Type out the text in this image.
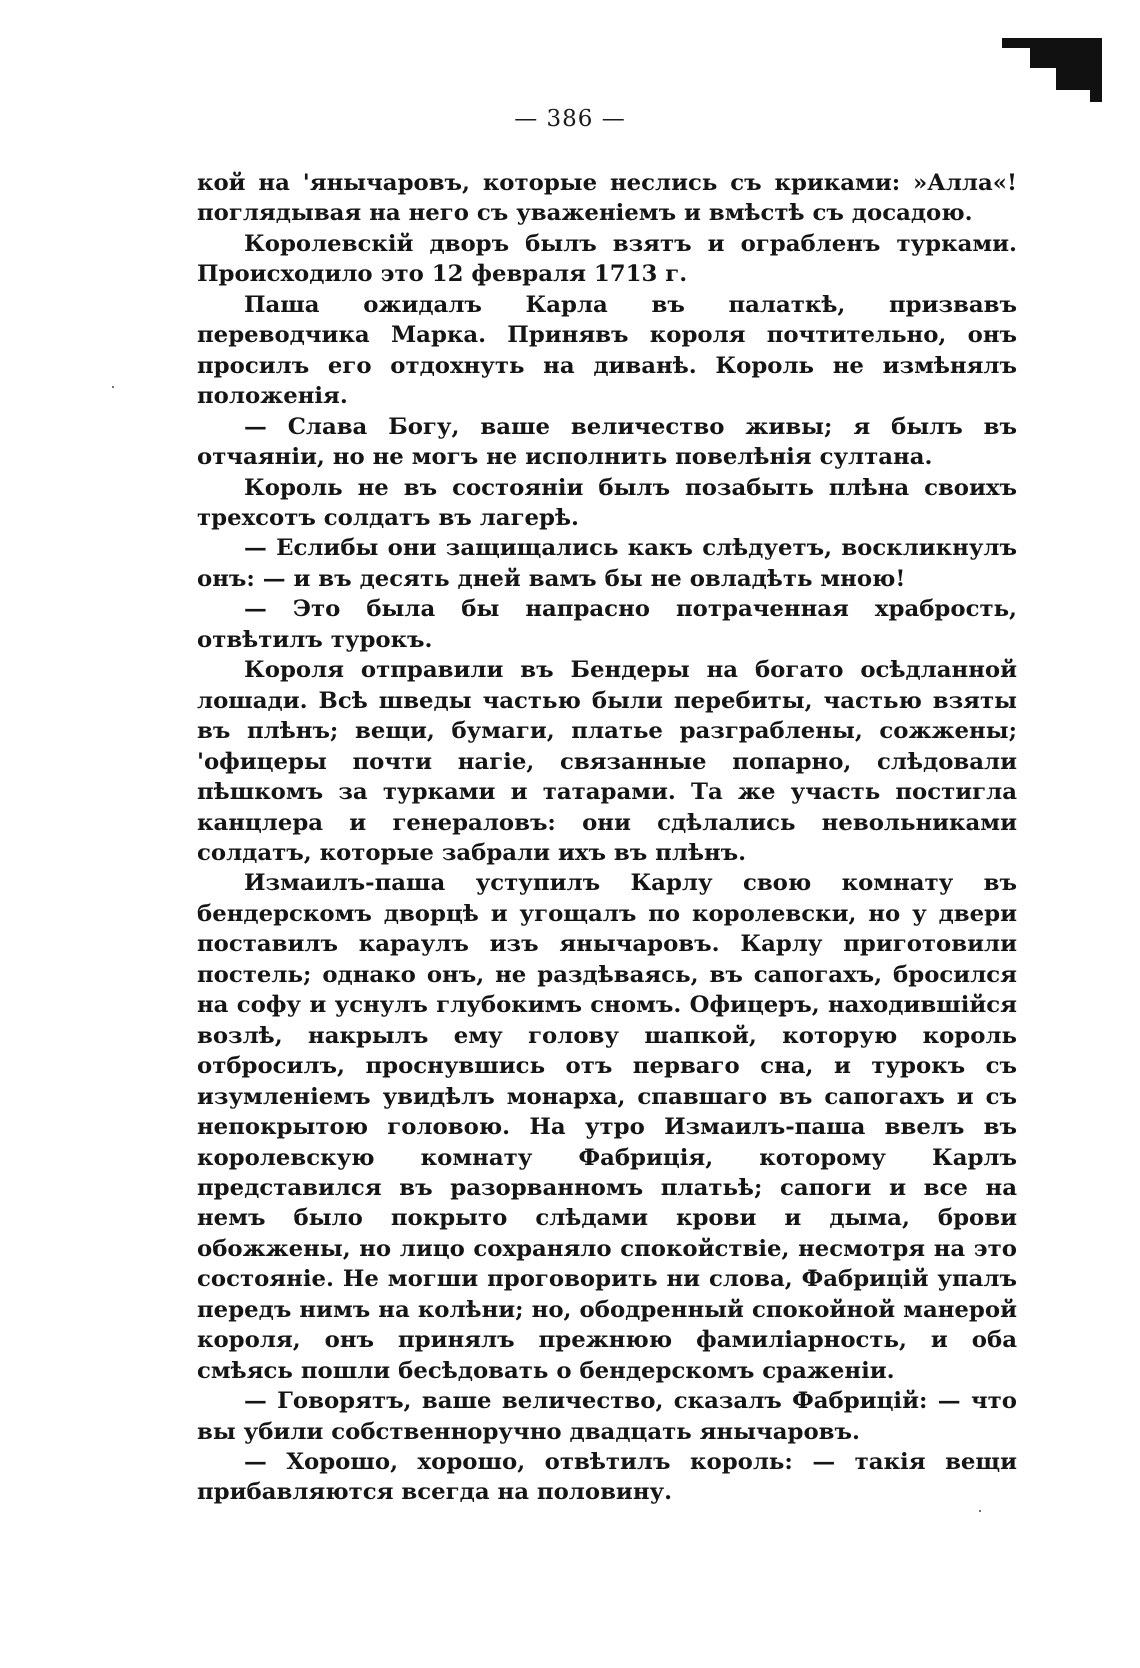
— 386 —

кой на 'янычаровъ, которые неслись съ криками: »Алла«! поглядывая на него съ уваженіемъ и вмѣстѣ съ досадою.

Королевскій дворъ былъ взятъ и ограбленъ турками. Происходило это 12 февраля 1713 г.

Паша ожидалъ Карла въ палаткѣ, призвавъ переводчика Марка. Принявъ короля почтительно, онъ просилъ его отдохнуть на диванѣ. Король не измѣнялъ положенія.

— Слава Богу, ваше величество живы; я былъ въ отчаяніи, но не могъ не исполнить повелѣнія султана.

Король не въ состояніи былъ позабыть плѣна своихъ трехсотъ солдатъ въ лагерѣ.

— Еслибы они защищались какъ слѣдуетъ, воскликнулъ онъ: — и въ десять дней вамъ бы не овладѣть мною!

— Это была бы напрасно потраченная храбрость, отвѣтилъ турокъ.

Короля отправили въ Бендеры на богато осѣдланной лошади. Всѣ шведы частью были перебиты, частью взяты въ плѣнъ; вещи, бумаги, платье разграблены, сожжены; 'офицеры почти нагіе, связанные попарно, слѣдовали пѣшкомъ за турками и татарами. Та же участь постигла канцлера и генераловъ: они сдѣлались невольниками солдатъ, которые забрали ихъ въ плѣнъ.

Измаилъ-паша уступилъ Карлу свою комнату въ бендерскомъ дворцѣ и угощалъ по королевски, но у двери поставилъ караулъ изъ янычаровъ. Карлу приготовили постель; однако онъ, не раздѣваясь, въ сапогахъ, бросился на софу и уснулъ глубокимъ сномъ. Офицеръ, находившійся возлѣ, накрылъ ему голову шапкой, которую король отбросилъ, проснувшись отъ перваго сна, и турокъ съ изумленіемъ увидѣлъ монарха, спавшаго въ сапогахъ и съ непокрытою головою. На утро Измаилъ-паша ввелъ въ королевскую комнату Фабриція, которому Карлъ представился въ разорванномъ платьѣ; сапоги и все на немъ было покрыто слѣдами крови и дыма, брови обожжены, но лицо сохраняло спокойствіе, несмотря на это состояніе. Не могши проговорить ни слова, Фабрицій упалъ передъ нимъ на колѣни; но, ободренный спокойной манерой короля, онъ принялъ прежнюю фамиліарность, и оба смѣясь пошли бесѣдовать о бендерскомъ сраженіи.

— Говорятъ, ваше величество, сказалъ Фабрицій: — что вы убили собственноручно двадцать янычаровъ.

— Хорошо, хорошо, отвѣтилъ король: — такія вещи прибавляются всегда на половину.
